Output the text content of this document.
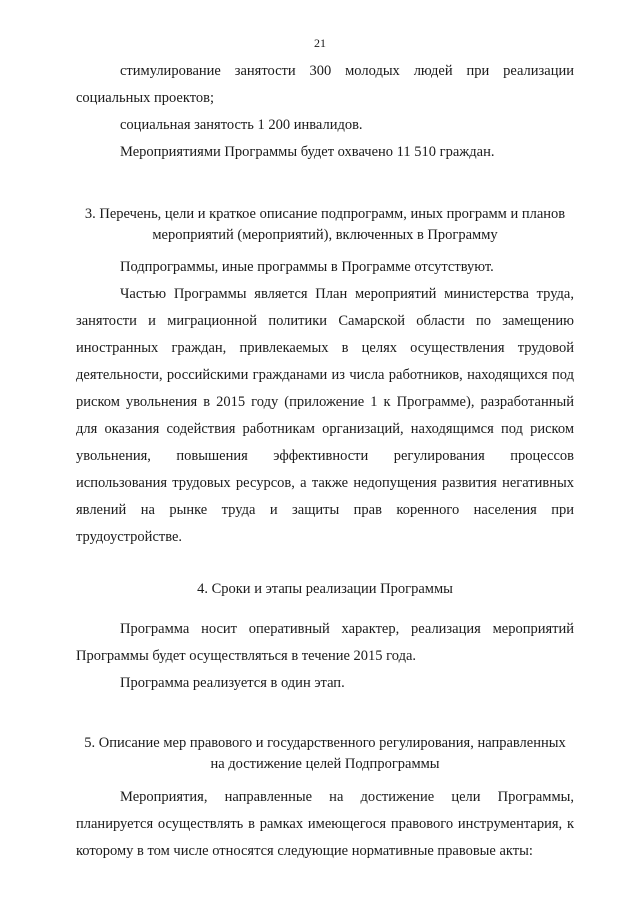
21

стимулирование занятости 300 молодых людей при реализации социальных проектов;

социальная занятость 1 200 инвалидов.

Мероприятиями Программы будет охвачено 11 510 граждан.

3. Перечень, цели и краткое описание подпрограмм, иных программ и планов мероприятий (мероприятий), включенных в Программу

Подпрограммы, иные программы в Программе отсутствуют.

Частью Программы является План мероприятий министерства труда, занятости и миграционной политики Самарской области по замещению иностранных граждан, привлекаемых в целях осуществления трудовой деятельности, российскими гражданами из числа работников, находящихся под риском увольнения в 2015 году (приложение 1 к Программе), разработанный для оказания содействия работникам организаций, находящимся под риском увольнения, повышения эффективности регулирования процессов использования трудовых ресурсов, а также недопущения развития негативных явлений на рынке труда и защиты прав коренного населения при трудоустройстве.

4. Сроки и этапы реализации Программы

Программа носит оперативный характер, реализация мероприятий Программы будет осуществляться в течение 2015 года.

Программа реализуется в один этап.

5. Описание мер правового и государственного регулирования, направленных на достижение целей Подпрограммы

Мероприятия, направленные на достижение цели Программы, планируется осуществлять в рамках имеющегося правового инструментария, к которому в том числе относятся следующие нормативные правовые акты:
